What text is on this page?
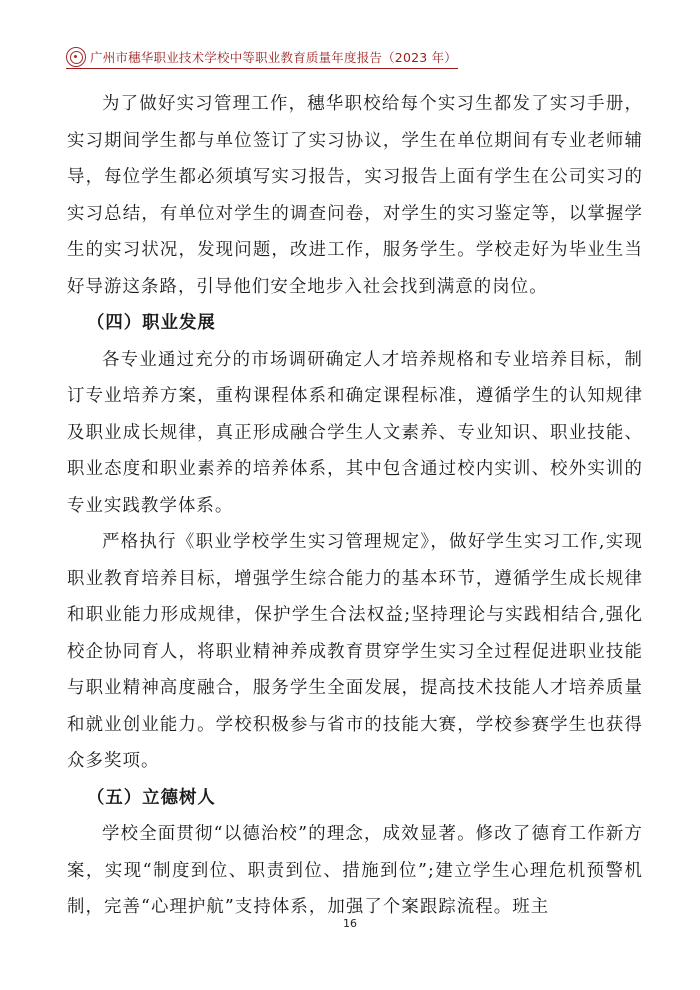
广州市穗华职业技术学校中等职业教育质量年度报告（2023 年）

为了做好实习管理工作，穗华职校给每个实习生都发了实习手册，实习期间学生都与单位签订了实习协议，学生在单位期间有专业老师辅导，每位学生都必须填写实习报告，实习报告上面有学生在公司实习的实习总结，有单位对学生的调查问卷，对学生的实习鉴定等，以掌握学生的实习状况，发现问题，改进工作，服务学生。学校走好为毕业生当好导游这条路，引导他们安全地步入社会找到满意的岗位。

（四）职业发展

各专业通过充分的市场调研确定人才培养规格和专业培养目标，制订专业培养方案，重构课程体系和确定课程标准，遵循学生的认知规律及职业成长规律，真正形成融合学生人文素养、专业知识、职业技能、职业态度和职业素养的培养体系，其中包含通过校内实训、校外实训的专业实践教学体系。

严格执行《职业学校学生实习管理规定》，做好学生实习工作,实现职业教育培养目标，增强学生综合能力的基本环节，遵循学生成长规律和职业能力形成规律，保护学生合法权益;坚持理论与实践相结合,强化校企协同育人，将职业精神养成教育贯穿学生实习全过程促进职业技能与职业精神高度融合，服务学生全面发展，提高技术技能人才培养质量和就业创业能力。学校积极参与省市的技能大赛，学校参赛学生也获得众多奖项。

（五）立德树人

学校全面贯彻“以德治校”的理念，成效显著。修改了德育工作新方案，实现“制度到位、职责到位、措施到位”;建立学生心理危机预警机制，完善“心理护航”支持体系，加强了个案跟踪流程。班主

16
